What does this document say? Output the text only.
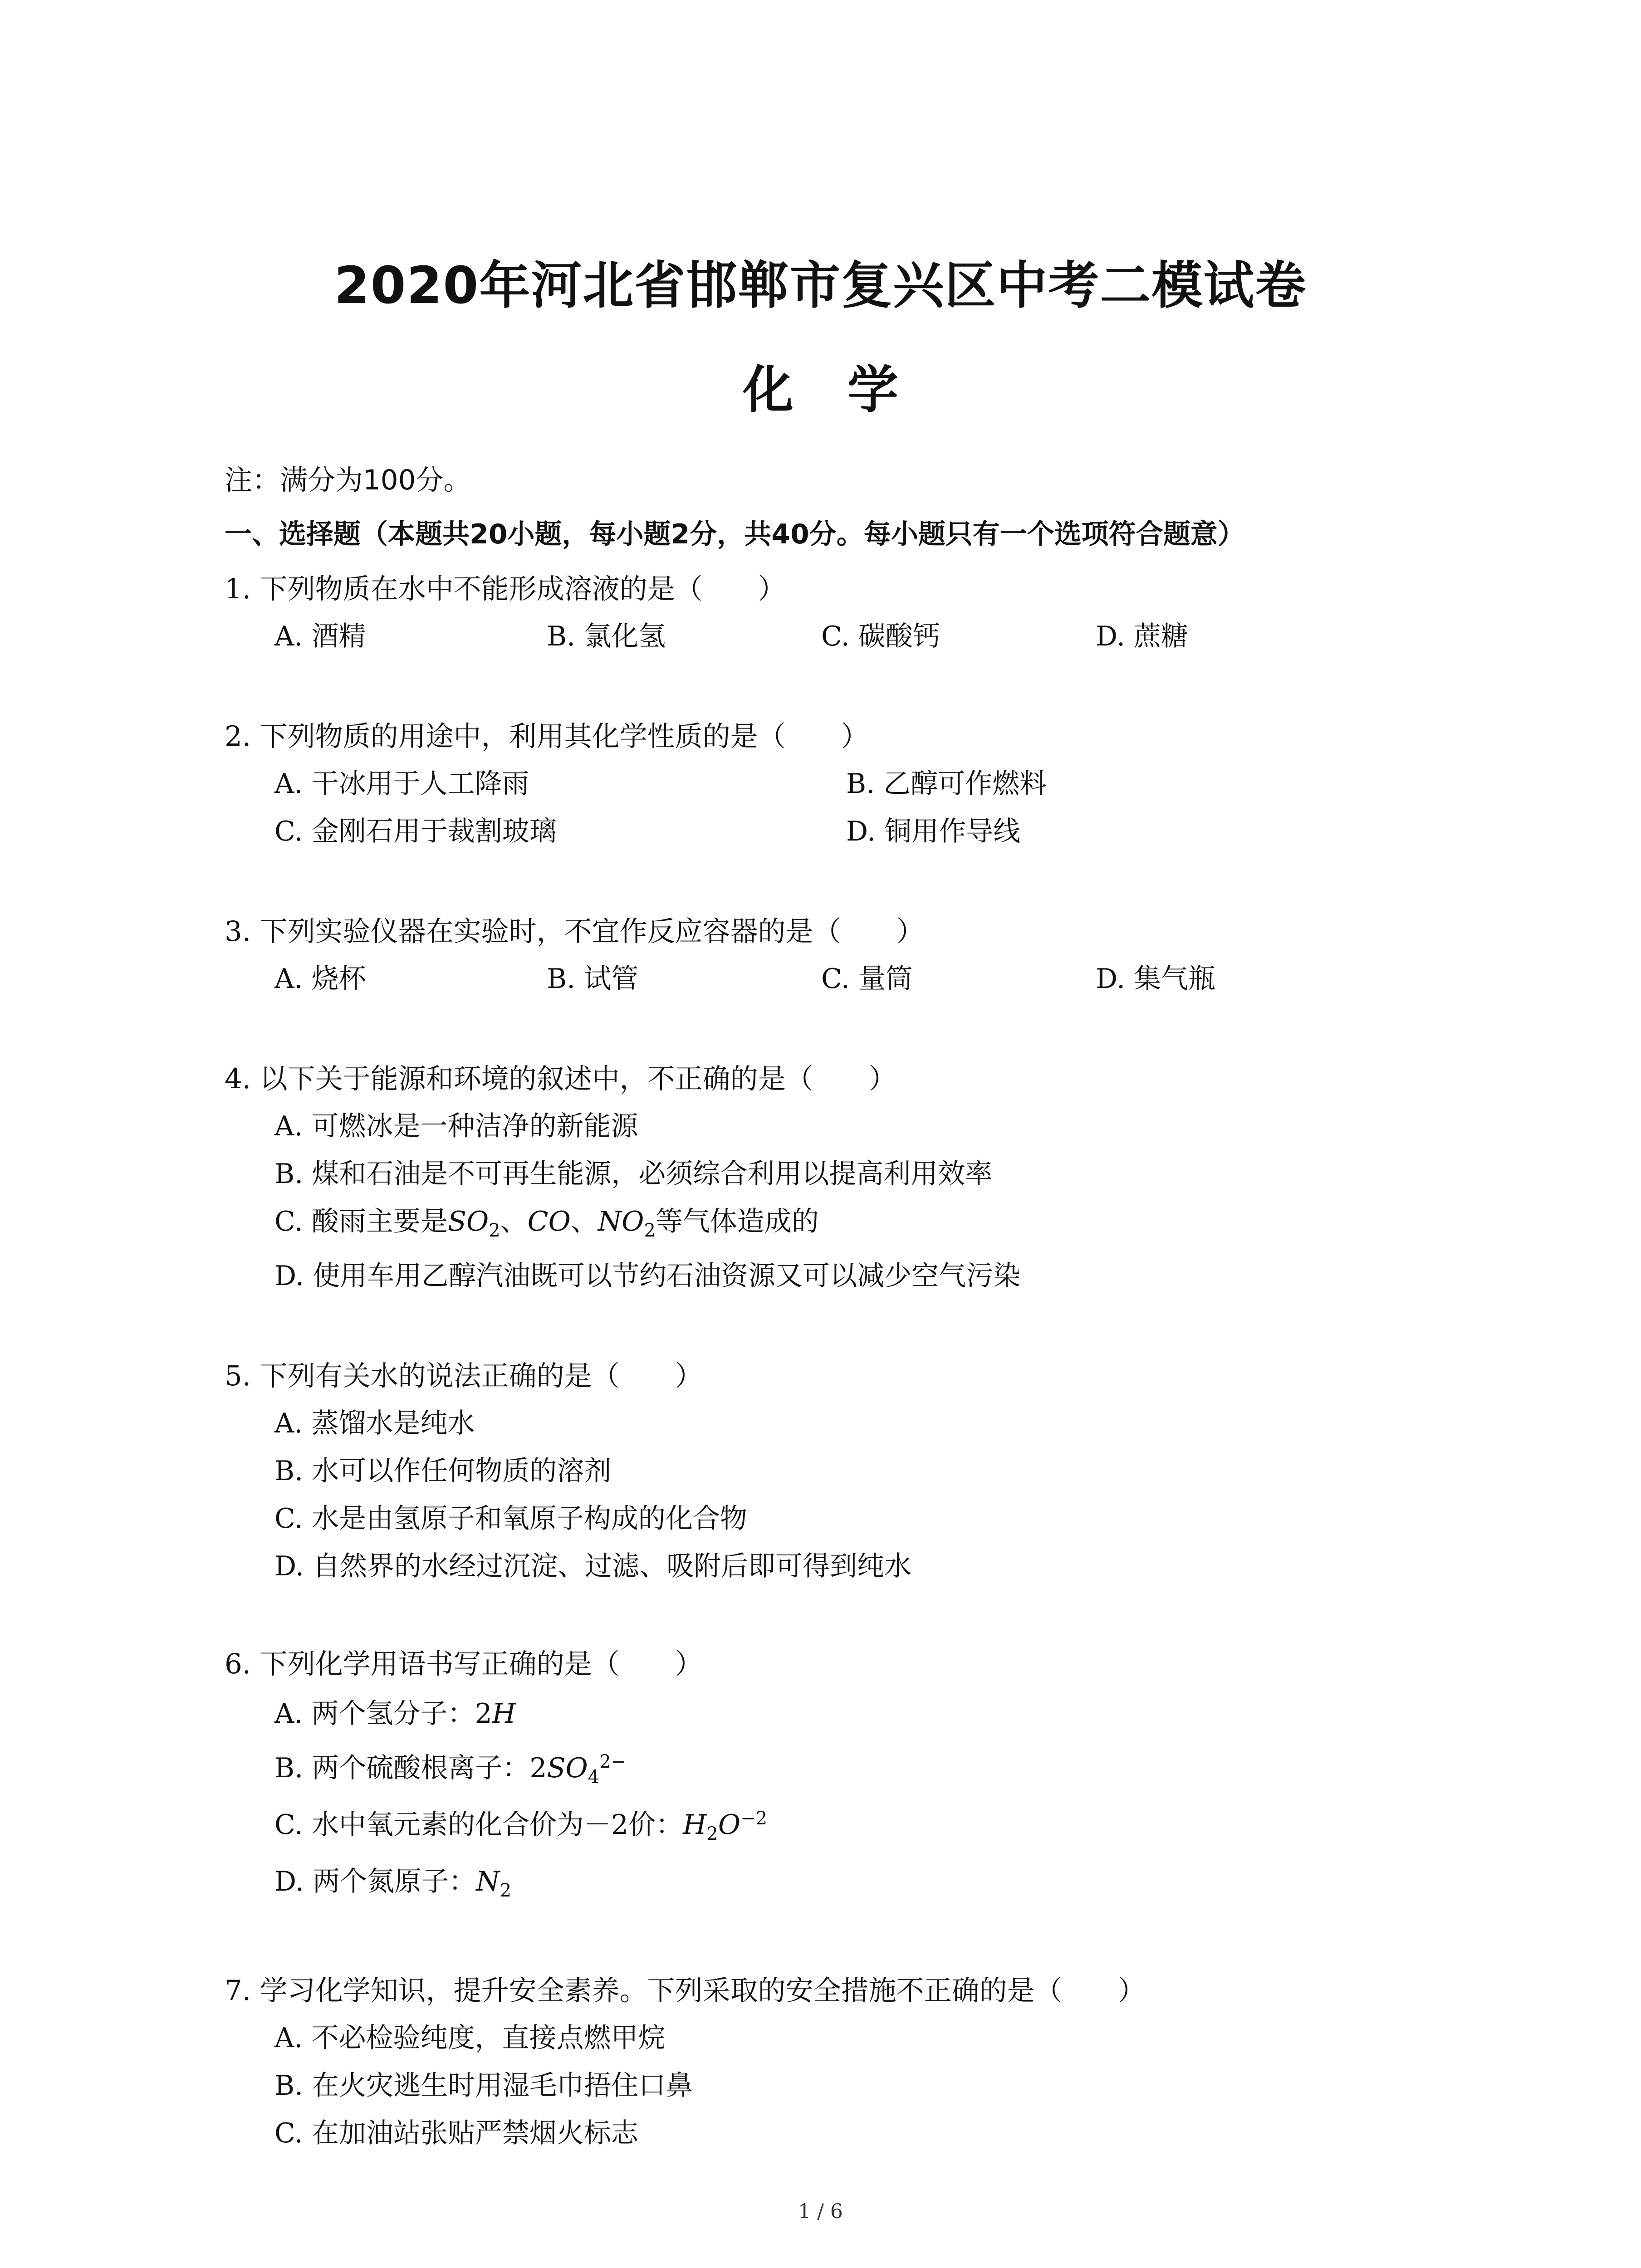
2020年河北省邯郸市复兴区中考二模试卷
化 学
注：满分为100分。
一、选择题（本题共20小题，每小题2分，共40分。每小题只有一个选项符合题意）
1. 下列物质在水中不能形成溶液的是（　　）
A. 酒精	B. 氯化氢	C. 碳酸钙	D. 蔗糖
2. 下列物质的用途中，利用其化学性质的是（　　）
A. 干冰用于人工降雨	B. 乙醇可作燃料
C. 金刚石用于裁割玻璃	D. 铜用作导线
3. 下列实验仪器在实验时，不宜作反应容器的是（　　）
A. 烧杯	B. 试管	C. 量筒	D. 集气瓶
4. 以下关于能源和环境的叙述中，不正确的是（　　）
A. 可燃冰是一种洁净的新能源
B. 煤和石油是不可再生能源，必须综合利用以提高利用效率
C. 酸雨主要是$SO_2$、CO、$NO_2$等气体造成的
D. 使用车用乙醇汽油既可以节约石油资源又可以减少空气污染
5. 下列有关水的说法正确的是（　　）
A. 蒸馏水是纯水
B. 水可以作任何物质的溶剂
C. 水是由氢原子和氧原子构成的化合物
D. 自然界的水经过沉淀、过滤、吸附后即可得到纯水
6. 下列化学用语书写正确的是（　　）
A. 两个氢分子：2H
B. 两个硫酸根离子：$2SO_4^{2-}$
C. 水中氧元素的化合价为－2价：$H_2O^{-2}$
D. 两个氮原子：$N_2$
7. 学习化学知识，提升安全素养。下列采取的安全措施不正确的是（　　）
A. 不必检验纯度，直接点燃甲烷
B. 在火灾逃生时用湿毛巾捂住口鼻
C. 在加油站张贴严禁烟火标志
1 / 6
